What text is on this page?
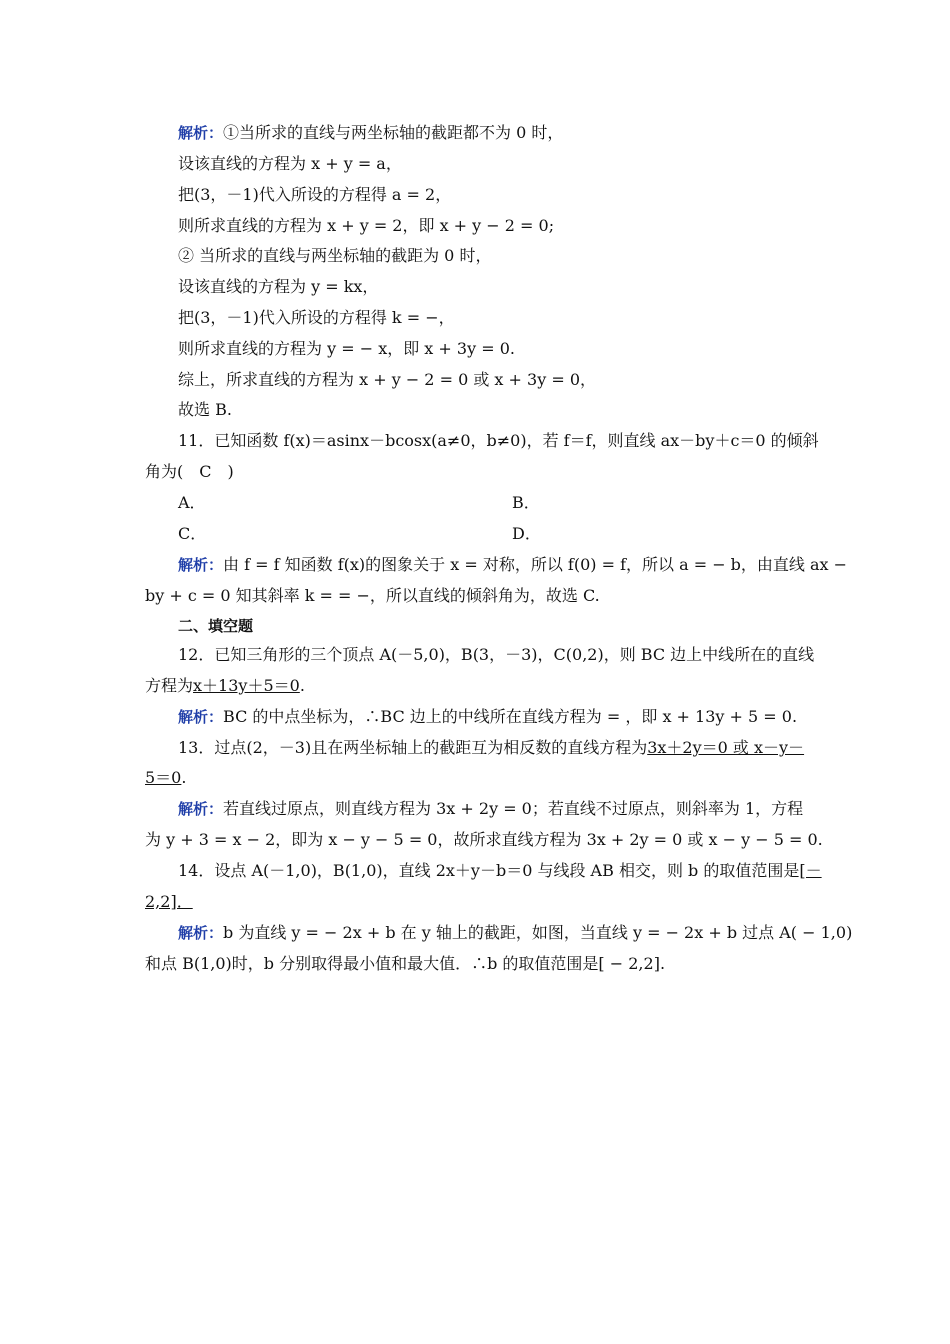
解析：①当所求的直线与两坐标轴的截距都不为 0 时，
设该直线的方程为 x + y = a，
把(3，－1)代入所设的方程得 a = 2，
则所求直线的方程为 x + y = 2，即 x + y − 2 = 0;
② 当所求的直线与两坐标轴的截距为 0 时，
设该直线的方程为 y = kx，
把(3，－1)代入所设的方程得 k = −，
则所求直线的方程为 y = − x，即 x + 3y = 0.
综上，所求直线的方程为 x + y − 2 = 0 或 x + 3y = 0，
故选 B.
11．已知函数 f(x)＝asinx－bcosx(a≠0，b≠0)，若 f＝f，则直线 ax－by＋c＝0 的倾斜
角为(　C　)
A．	B．
C．	D．
解析：由 f = f 知函数 f(x)的图象关于 x = 对称，所以 f(0) = f，所以 a = − b，由直线 ax −
by + c = 0 知其斜率 k = = −，所以直线的倾斜角为，故选 C.
二、填空题
12．已知三角形的三个顶点 A(－5,0)，B(3，－3)，C(0,2)，则 BC 边上中线所在的直线
方程为x＋13y＋5＝0.
解析：BC 的中点坐标为，∴BC 边上的中线所在直线方程为 = ，即 x + 13y + 5 = 0.
13．过点(2，－3)且在两坐标轴上的截距互为相反数的直线方程为3x＋2y＝0 或 x－y－
5＝0.
解析：若直线过原点，则直线方程为 3x + 2y = 0；若直线不过原点，则斜率为 1，方程
为 y + 3 = x − 2，即为 x − y − 5 = 0，故所求直线方程为 3x + 2y = 0 或 x − y − 5 = 0.
14．设点 A(－1,0)，B(1,0)，直线 2x＋y－b＝0 与线段 AB 相交，则 b 的取值范围是[－
2,2]．
解析：b 为直线 y = − 2x + b 在 y 轴上的截距，如图，当直线 y = − 2x + b 过点 A( − 1,0)
和点 B(1,0)时，b 分别取得最小值和最大值．∴b 的取值范围是[ − 2,2].
